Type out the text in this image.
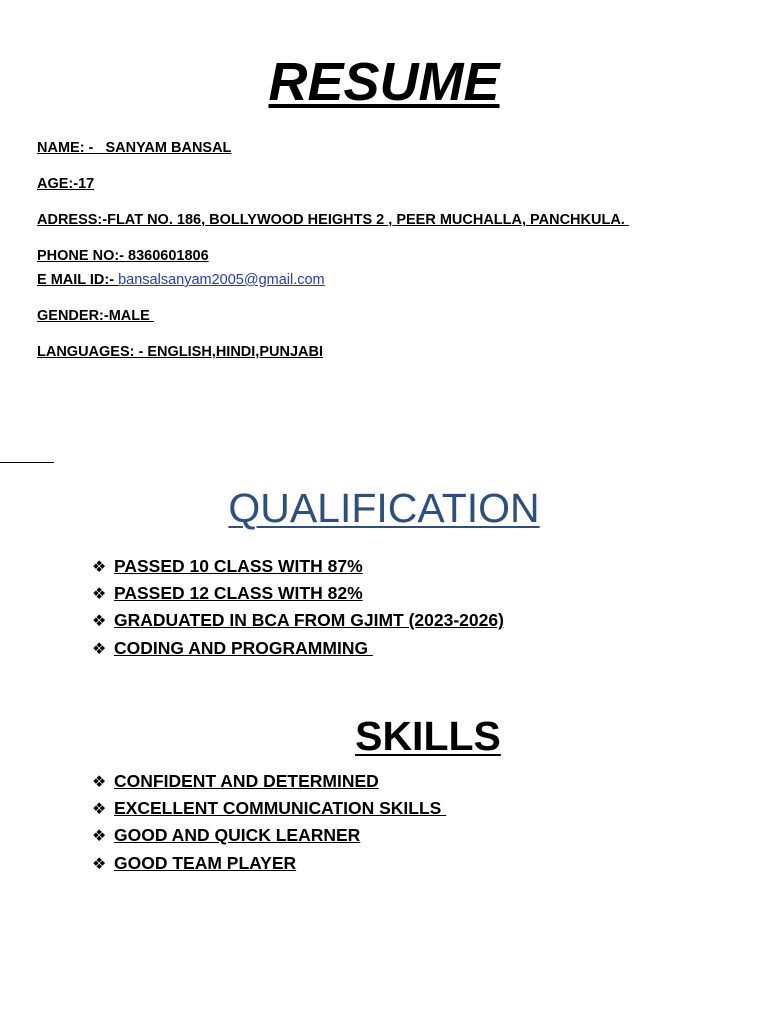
RESUME
NAME: -   SANYAM BANSAL
AGE:-17
ADRESS:-FLAT NO. 186, BOLLYWOOD HEIGHTS 2 , PEER MUCHALLA, PANCHKULA.
PHONE NO:- 8360601806
E MAIL ID:- bansalsanyam2005@gmail.com
GENDER:-MALE
LANGUAGES: - ENGLISH,HINDI,PUNJABI
QUALIFICATION
❖ PASSED 10 CLASS WITH 87%
❖ PASSED 12 CLASS WITH 82%
❖ GRADUATED IN BCA FROM GJIMT (2023-2026)
❖ CODING AND PROGRAMMING
SKILLS
❖ CONFIDENT AND DETERMINED
❖ EXCELLENT COMMUNICATION SKILLS
❖ GOOD AND QUICK LEARNER
❖ GOOD TEAM PLAYER
